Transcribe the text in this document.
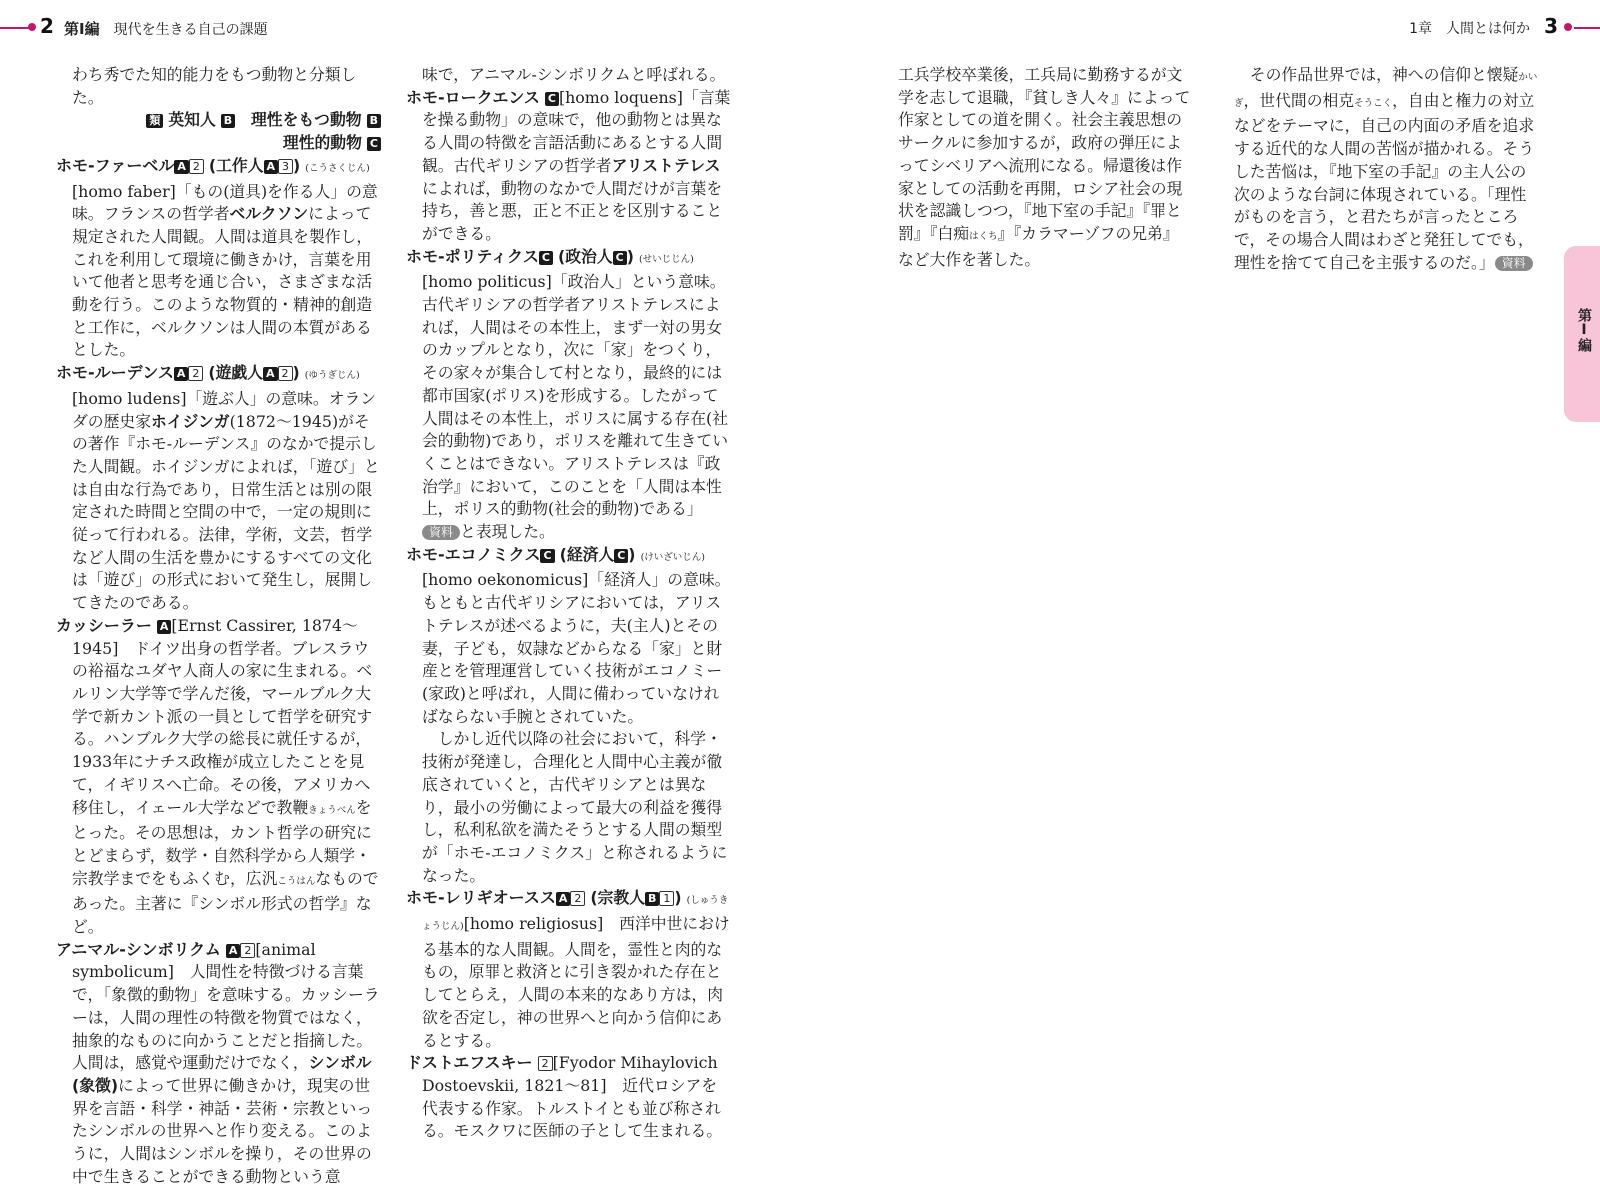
2 第Ⅰ編 現代を生きる自己の課題	1章　人間とは何か 3

わち秀でた知的能力をもつ動物と分類した。

類 英知人 B　 理性をもつ動物 B

理性的動物 C

ホモ-ファーベル A 2 (工作人 A 3 ) (こうさくじん)[homo faber]「もの(道具)を作る人」の意味。フランスの哲学者ベルクソンによって規定された人間観。人間は道具を製作し，これを利用して環境に働きかけ，言葉を用いて他者と思考を通じ合い，さまざまな活動を行う。このような物質的・精神的創造と工作に，ベルクソンは人間の本質があるとした。

ホモ-ルーデンス A 2 (遊戯人 A 2 ) (ゆうぎじん)[homo ludens]「遊ぶ人」の意味。オランダの歴史家ホイジンガ(1872～1945)がその著作『ホモ-ルーデンス』のなかで提示した人間観。ホイジンガによれば，「遊び」とは自由な行為であり，日常生活とは別の限定された時間と空間の中で，一定の規則に従って行われる。法律，学術，文芸，哲学など人間の生活を豊かにするすべての文化は「遊び」の形式において発生し，展開してきたのである。

カッシーラー A [Ernst Cassirer, 1874～1945]　ドイツ出身の哲学者。ブレスラウの裕福なユダヤ人商人の家に生まれる。ベルリン大学等で学んだ後，マールブルク大学で新カント派の一員として哲学を研究する。ハンブルク大学の総長に就任するが，1933年にナチス政権が成立したことを見て，イギリスへ亡命。その後，アメリカへ移住し，イェール大学などで教鞭きょうべんをとった。その思想は，カント哲学の研究にとどまらず，数学・自然科学から人類学・宗教学までをもふくむ，広汎こうはんなものであった。主著に『シンボル形式の哲学』など。

アニマル-シンボリクム A 2 [animal symbolicum]　人間性を特徴づける言葉で，「象徴的動物」を意味する。カッシーラーは，人間の理性の特徴を物質ではなく，抽象的なものに向かうことだと指摘した。

人間は，感覚や運動だけでなく，シンボル(象徴)によって世界に働きかけ，現実の世界を言語・科学・神話・芸術・宗教といったシンボルの世界へと作り変える。このように，人間はシンボルを操り，その世界の中で生きることができる動物という意

味で，アニマル-シンボリクムと呼ばれる。

ホモ-ロークエンス C [homo loquens]「言葉を操る動物」の意味で，他の動物とは異なる人間の特徴を言語活動にあるとする人間観。古代ギリシアの哲学者アリストテレスによれば，動物のなかで人間だけが言葉を持ち，善と悪，正と不正とを区別することができる。

ホモ-ポリティクス C (政治人 C ) (せいじじん)[homo politicus]「政治人」という意味。古代ギリシアの哲学者アリストテレスによれば，人間はその本性上，まず一対の男女のカップルとなり，次に「家」をつくり，その家々が集合して村となり，最終的には都市国家(ポリス)を形成する。したがって人間はその本性上，ポリスに属する存在(社会的動物)であり，ポリスを離れて生きていくことはできない。アリストテレスは『政治学』において，このことを「人間は本性上，ポリス的動物(社会的動物)である」資料 と表現した。

ホモ-エコノミクス C (経済人 C ) (けいざいじん)[homo oekonomicus]「経済人」の意味。もともと古代ギリシアにおいては，アリストテレスが述べるように，夫(主人)とその妻，子ども，奴隷などからなる「家」と財産とを管理運営していく技術がエコノミー(家政)と呼ばれ，人間に備わっていなければならない手腕とされていた。

しかし近代以降の社会において，科学・技術が発達し，合理化と人間中心主義が徹底されていくと，古代ギリシアとは異なり，最小の労働によって最大の利益を獲得し，私利私欲を満たそうとする人間の類型が「ホモ-エコノミクス」と称されるようになった。

ホモ-レリギオースス A 2 (宗教人 B 1 ) (しゅうきょうじん)[homo religiosus]　西洋中世における基本的な人間観。人間を，霊性と肉的なもの，原罪と救済とに引き裂かれた存在としてとらえ，人間の本来的なあり方は，肉欲を否定し，神の世界へと向かう信仰にあるとする。

ドストエフスキー 2 [Fyodor Mihaylovich Dostoevskii, 1821～81]　近代ロシアを代表する作家。トルストイとも並び称される。モスクワに医師の子として生まれる。

工兵学校卒業後，工兵局に勤務するが文学を志して退職，『貧しき人々』によって作家としての道を開く。社会主義思想のサークルに参加するが，政府の弾圧によってシベリアへ流刑になる。帰還後は作家としての活動を再開，ロシア社会の現状を認識しつつ，『地下室の手記』『罪と罰』『白痴はくち』『カラマーゾフの兄弟』など大作を著した。

その作品世界では，神への信仰と懐疑かいぎ，世代間の相克そうこく，自由と権力の対立などをテーマに，自己の内面の矛盾を追求する近代的な人間の苦悩が描かれる。そうした苦悩は，『地下室の手記』の主人公の次のような台詞に体現されている。「理性がものを言う，と君たちが言ったところで，その場合人間はわざと発狂してでも，理性を捨てて自己を主張するのだ。」 資料

第Ⅰ編
